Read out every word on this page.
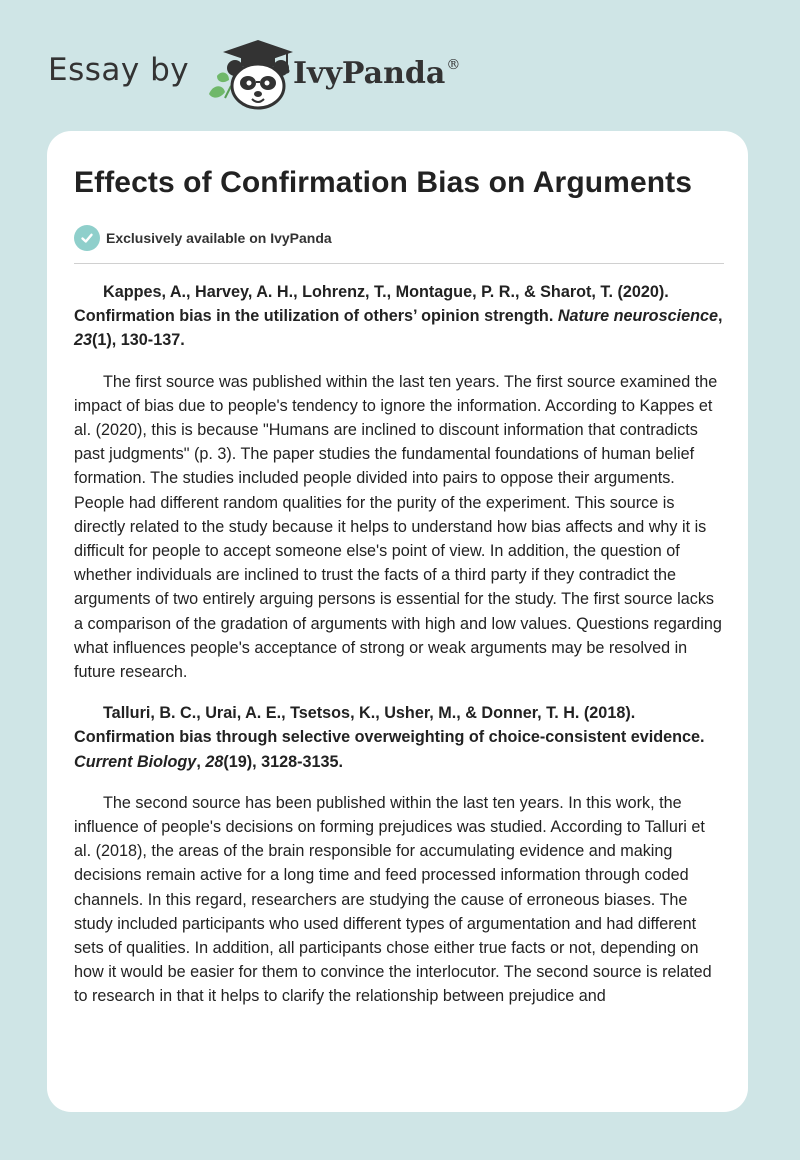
Essay by	IvyPanda®
Effects of Confirmation Bias on Arguments
Exclusively available on IvyPanda

Kappes, A., Harvey, A. H., Lohrenz, T., Montague, P. R., & Sharot, T. (2020). Confirmation bias in the utilization of others’ opinion strength. Nature neuroscience, 23(1), 130-137.

The first source was published within the last ten years. The first source examined the impact of bias due to people's tendency to ignore the information. According to Kappes et al. (2020), this is because "Humans are inclined to discount information that contradicts past judgments" (p. 3). The paper studies the fundamental foundations of human belief formation. The studies included people divided into pairs to oppose their arguments. People had different random qualities for the purity of the experiment. This source is directly related to the study because it helps to understand how bias affects and why it is difficult for people to accept someone else's point of view. In addition, the question of whether individuals are inclined to trust the facts of a third party if they contradict the arguments of two entirely arguing persons is essential for the study. The first source lacks a comparison of the gradation of arguments with high and low values. Questions regarding what influences people's acceptance of strong or weak arguments may be resolved in future research.

Talluri, B. C., Urai, A. E., Tsetsos, K., Usher, M., & Donner, T. H. (2018). Confirmation bias through selective overweighting of choice-consistent evidence. Current Biology, 28(19), 3128-3135.

The second source has been published within the last ten years. In this work, the influence of people's decisions on forming prejudices was studied. According to Talluri et al. (2018), the areas of the brain responsible for accumulating evidence and making decisions remain active for a long time and feed processed information through coded channels. In this regard, researchers are studying the cause of erroneous biases. The study included participants who used different types of argumentation and had different sets of qualities. In addition, all participants chose either true facts or not, depending on how it would be easier for them to convince the interlocutor. The second source is related to research in that it helps to clarify the relationship between prejudice and
